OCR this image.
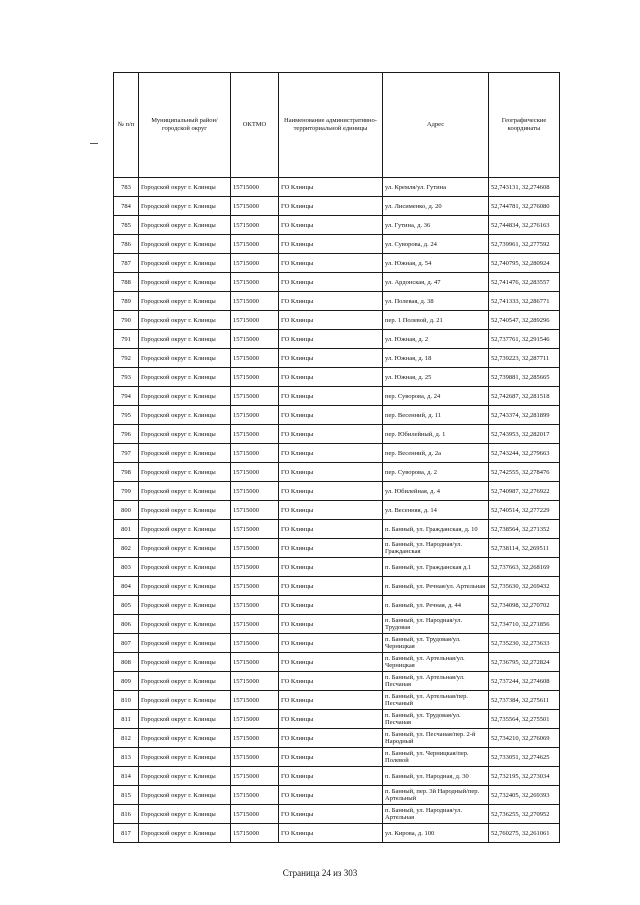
№ п/п	Муниципальный район/городской округ	ОКТМО	Наименование административно-территориальной единицы	Адрес	Географические координаты
783	Городской округ г. Клинцы	15715000	ГО Клинцы	ул. Кремля/ул. Гутина	52,743131, 32,274608
784	Городской округ г. Клинцы	15715000	ГО Клинцы	ул. Лисименко, д. 20	52,744781, 32,276080
785	Городской округ г. Клинцы	15715000	ГО Клинцы	ул. Гутина, д. 36	52,744834, 32,276163
786	Городской округ г. Клинцы	15715000	ГО Клинцы	ул. Суворова, д. 24	52,739961, 32,277592
787	Городской округ г. Клинцы	15715000	ГО Клинцы	ул. Южная, д. 54	52,740795, 32,280924
788	Городской округ г. Клинцы	15715000	ГО Клинцы	ул. Ардонская, д. 47	52,741476, 32,283557
789	Городской округ г. Клинцы	15715000	ГО Клинцы	ул. Полевая, д. 38	52,741333, 32,286771
790	Городской округ г. Клинцы	15715000	ГО Клинцы	пер. 1 Полевой, д. 21	52,740547, 32,289296
791	Городской округ г. Клинцы	15715000	ГО Клинцы	ул. Южная, д. 2	52,737761, 32,291546
792	Городской округ г. Клинцы	15715000	ГО Клинцы	ул. Южная, д. 18	52,739223, 32,287711
793	Городской округ г. Клинцы	15715000	ГО Клинцы	ул. Южная, д. 25	52,739881, 32,285665
794	Городской округ г. Клинцы	15715000	ГО Клинцы	пер. Суворова, д. 24	52,742687, 32,281518
795	Городской округ г. Клинцы	15715000	ГО Клинцы	пер. Весенний, д. 11	52,743374, 32,281899
796	Городской округ г. Клинцы	15715000	ГО Клинцы	пер. Юбилейный, д. 1	52,743953, 32,282017
797	Городской округ г. Клинцы	15715000	ГО Клинцы	пер. Весенний, д. 2а	52,743244, 32,279663
798	Городской округ г. Клинцы	15715000	ГО Клинцы	пер. Суворова, д. 2	52,742555, 32,278476
799	Городской округ г. Клинцы	15715000	ГО Клинцы	ул. Юбилейная, д. 4	52,740987, 32,276922
800	Городской округ г. Клинцы	15715000	ГО Клинцы	ул. Весенняя, д. 14	52,740514, 32,277229
801	Городской округ г. Клинцы	15715000	ГО Клинцы	п. Банный, ул. Гражданская, д. 10	52,738564, 32,271352
802	Городской округ г. Клинцы	15715000	ГО Клинцы	п. Банный, ул. Народная/ул. Гражданская	52,738114, 32,269511
803	Городской округ г. Клинцы	15715000	ГО Клинцы	п. Банный, ул. Гражданская д.1	52,737663, 32,268169
804	Городской округ г. Клинцы	15715000	ГО Клинцы	п. Банный, ул. Речная/ул. Артельная	52,735630, 32,269432
805	Городской округ г. Клинцы	15715000	ГО Клинцы	п. Банный, ул. Речная, д. 44	52,734098, 32,270702
806	Городской округ г. Клинцы	15715000	ГО Клинцы	п. Банный, ул. Народная/ул. Трудовая	52,734710, 32,271856
807	Городской округ г. Клинцы	15715000	ГО Клинцы	п. Банный, ул. Трудовая/ул. Черницкая	52,735230, 32,273633
808	Городской округ г. Клинцы	15715000	ГО Клинцы	п. Банный, ул. Артельная/ул. Черницкая	52,736795, 32,272824
809	Городской округ г. Клинцы	15715000	ГО Клинцы	п. Банный, ул. Артельная/ул. Песчаная	52,737244, 32,274608
810	Городской округ г. Клинцы	15715000	ГО Клинцы	п. Банный, ул. Артельная/пер. Песчаный	52,737384, 32,275611
811	Городской округ г. Клинцы	15715000	ГО Клинцы	п. Банный, ул. Трудовая/ул. Песчаная	52,735564, 32,275501
812	Городской округ г. Клинцы	15715000	ГО Клинцы	п. Банный, ул. Песчаная/пер. 2-й Народный	52,734210, 32,276069
813	Городской округ г. Клинцы	15715000	ГО Клинцы	п. Банный, ул. Черницкая/пер. Полевой	52,733051, 32,274625
814	Городской округ г. Клинцы	15715000	ГО Клинцы	п. Банный, ул. Народная, д. 30	52,732195, 32,273034
815	Городской округ г. Клинцы	15715000	ГО Клинцы	п. Банный, пер. 3й Народный/пер. Артельный	52,732405, 32,269393
816	Городской округ г. Клинцы	15715000	ГО Клинцы	п. Банный, ул. Народная/ул. Артельная	52,736255, 32,270952
817	Городской округ г. Клинцы	15715000	ГО Клинцы	ул. Кирова, д. 100	52,760275, 32,261061
Страница 24 из 303
